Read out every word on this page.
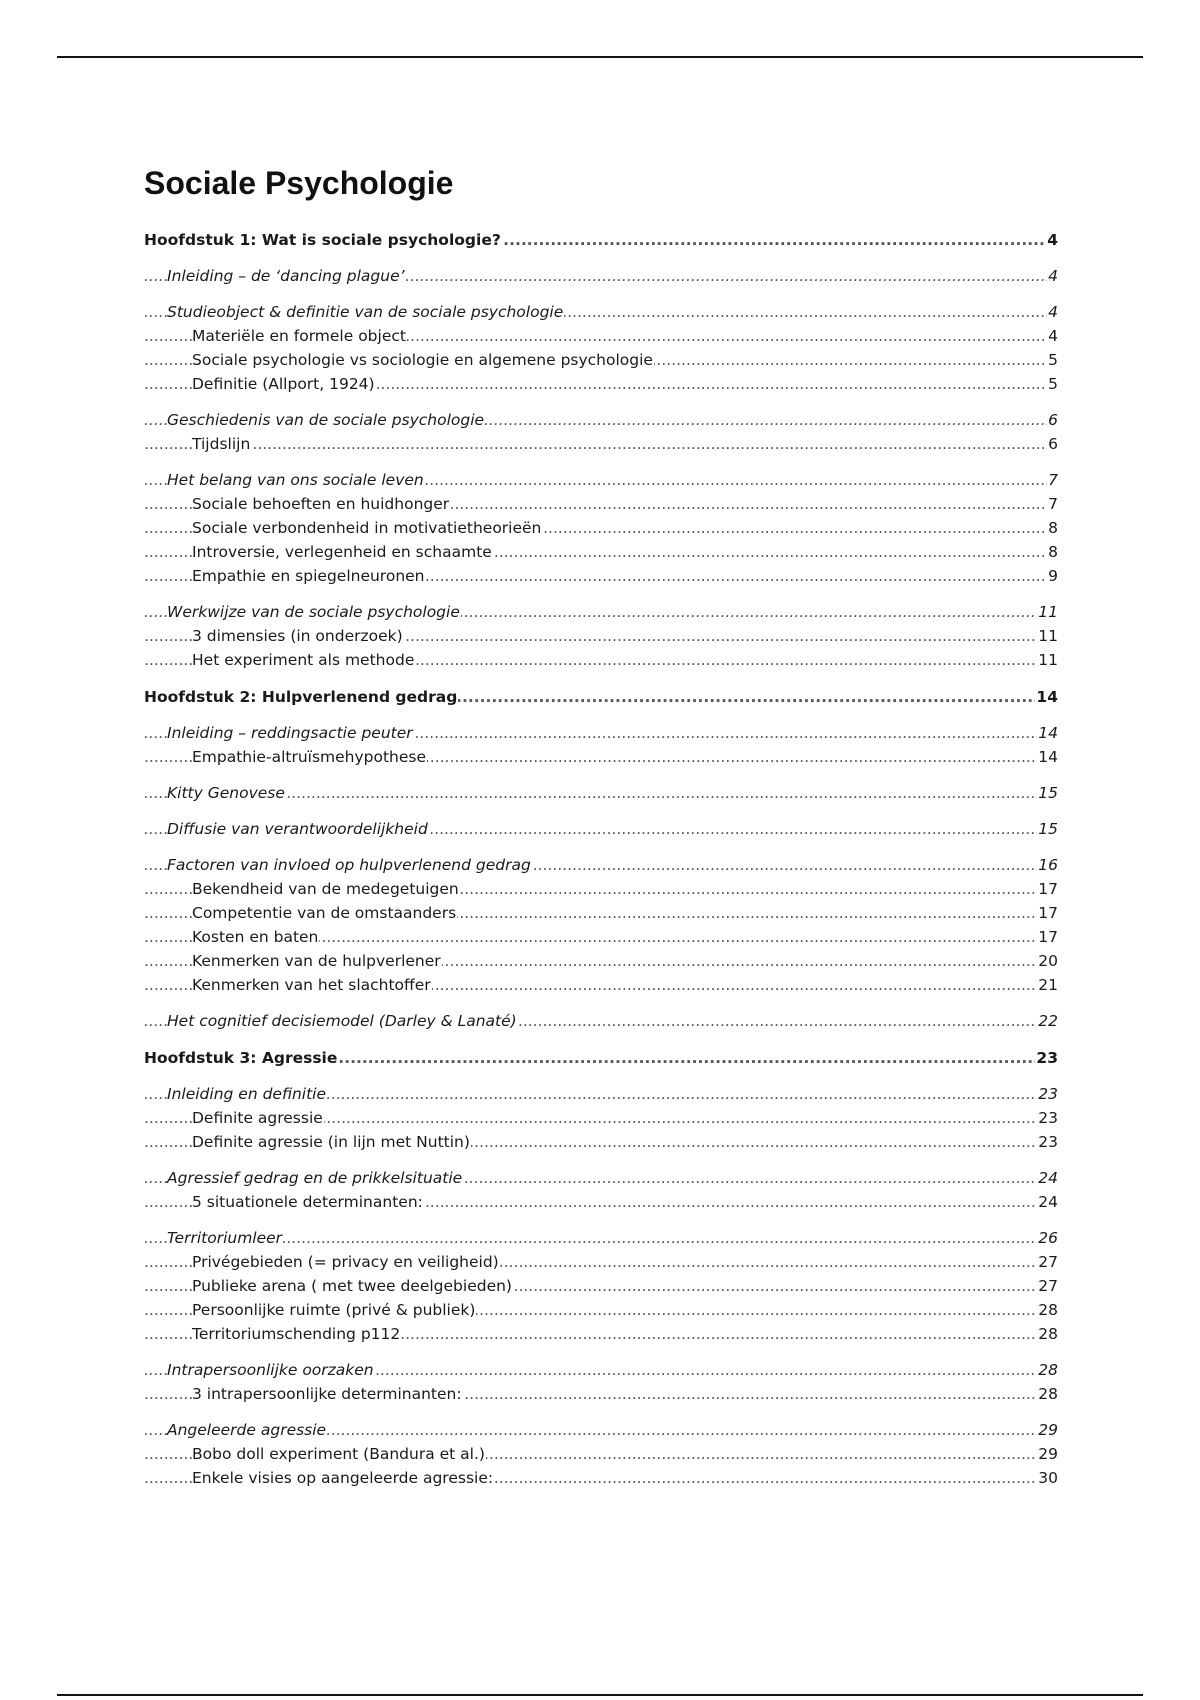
Sociale Psychologie
..... Hoofdstuk 1: Wat is sociale psychologie?	4
..... Inleiding – de ‘dancing plague’	4
..... Studieobject & definitie van de sociale psychologie	4
..... Materiële en formele object	4
..... Sociale psychologie vs sociologie en algemene psychologie	5
..... Definitie (Allport, 1924)	5
..... Geschiedenis van de sociale psychologie	6
..... Tijdslijn	6
..... Het belang van ons sociale leven	7
..... Sociale behoeften en huidhonger	7
..... Sociale verbondenheid in motivatietheorieën	8
..... Introversie, verlegenheid en schaamte	8
..... Empathie en spiegelneuronen	9
..... Werkwijze van de sociale psychologie	11
..... 3 dimensies (in onderzoek)	11
..... Het experiment als methode	11
..... Hoofdstuk 2: Hulpverlenend gedrag	14
..... Inleiding – reddingsactie peuter	14
..... Empathie-altruïsmehypothese	14
..... Kitty Genovese	15
..... Diffusie van verantwoordelijkheid	15
..... Factoren van invloed op hulpverlenend gedrag	16
..... Bekendheid van de medegetuigen	17
..... Competentie van de omstaanders	17
..... Kosten en baten	17
..... Kenmerken van de hulpverlener	20
..... Kenmerken van het slachtoffer	21
..... Het cognitief decisiemodel (Darley & Lanaté)	22
..... Hoofdstuk 3: Agressie	23
..... Inleiding en definitie	23
..... Definite agressie	23
..... Definite agressie (in lijn met Nuttin)	23
..... Agressief gedrag en de prikkelsituatie	24
..... 5 situationele determinanten:	24
..... Territoriumleer	26
..... Privégebieden (= privacy en veiligheid)	27
..... Publieke arena ( met twee deelgebieden)	27
..... Persoonlijke ruimte (privé & publiek)	28
..... Territoriumschending p112	28
..... Intrapersoonlijke oorzaken	28
..... 3 intrapersoonlijke determinanten:	28
..... Angeleerde agressie	29
..... Bobo doll experiment (Bandura et al.)	29
..... Enkele visies op aangeleerde agressie:	30
